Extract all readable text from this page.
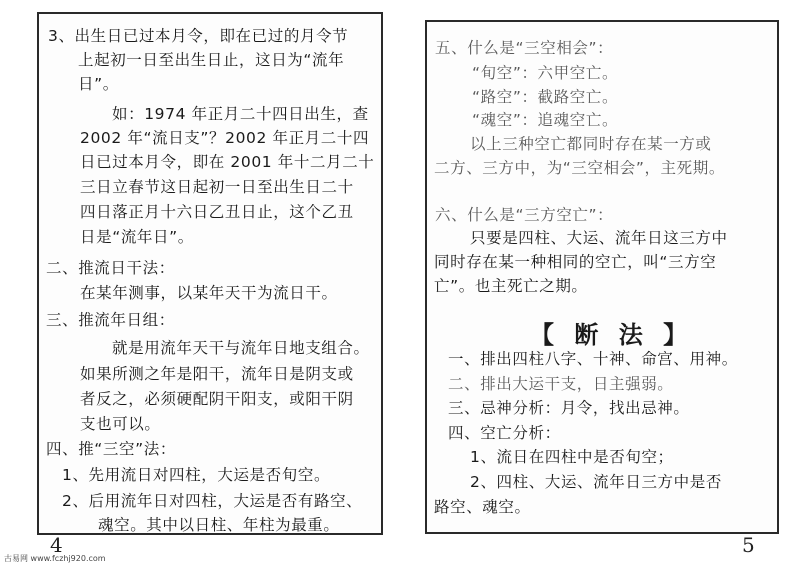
3、出生日已过本月令，即在已过的月令节
上起初一日至出生日止，这日为“流年
日”。
如：1974 年正月二十四日出生，查
2002 年“流日支”？2002 年正月二十四
日已过本月令，即在 2001 年十二月二十
三日立春节这日起初一日至出生日二十
四日落正月十六日乙丑日止，这个乙丑
日是“流年日”。
二、推流日干法：
在某年测事，以某年天干为流日干。
三、推流年日组：
就是用流年天干与流年日地支组合。
如果所测之年是阳干，流年日是阴支或
者反之，必须硬配阴干阳支，或阳干阴
支也可以。
四、推“三空”法：
1、先用流日对四柱，大运是否旬空。
2、后用流年日对四柱，大运是否有路空、
魂空。其中以日柱、年柱为最重。
4
五、什么是“三空相会”：
“旬空”：六甲空亡。
“路空”：截路空亡。
“魂空”：追魂空亡。
以上三种空亡都同时存在某一方或
二方、三方中，为“三空相会”，主死期。
六、什么是“三方空亡”：
只要是四柱、大运、流年日这三方中
同时存在某一种相同的空亡，叫“三方空
亡”。也主死亡之期。
【 断 法 】
一、排出四柱八字、十神、命宫、用神。
二、排出大运干支，日主强弱。
三、忌神分析：月令，找出忌神。
四、空亡分析：
1、流日在四柱中是否旬空；
2、四柱、大运、流年日三方中是否
路空、魂空。
5
古易网 www.fczhj920.com
